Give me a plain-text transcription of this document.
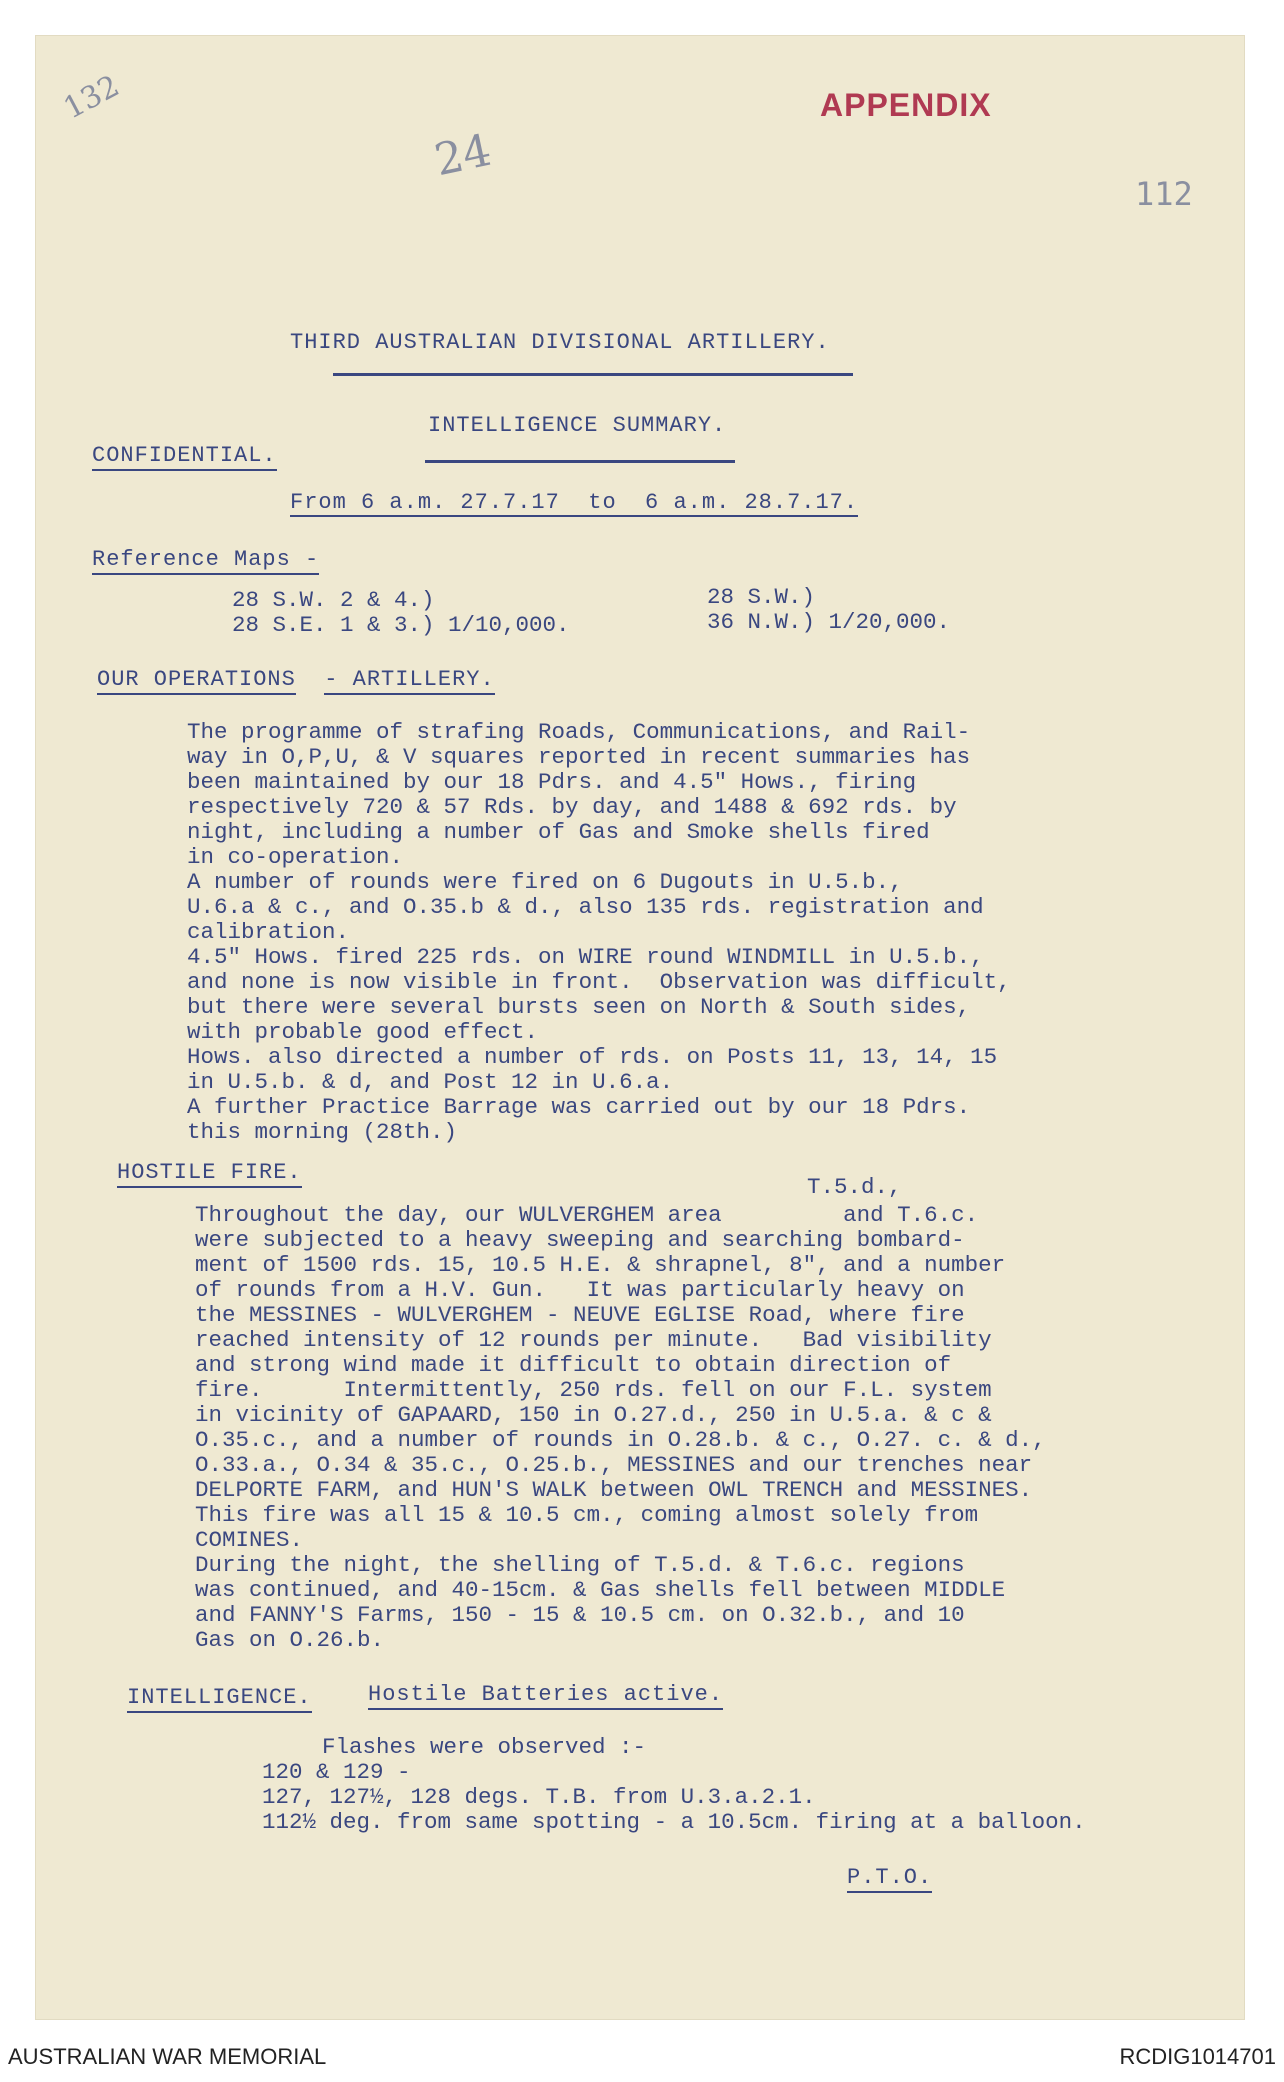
132
24
APPENDIX
112
THIRD AUSTRALIAN DIVISIONAL ARTILLERY.
INTELLIGENCE SUMMARY.
CONFIDENTIAL.
From 6 a.m. 27.7.17  to  6 a.m. 28.7.17.
Reference Maps -
28 S.W. 2 & 4.)
28 S.E. 1 & 3.) 1/10,000.
28 S.W.)
36 N.W.) 1/20,000.
OUR OPERATIONS - ARTILLERY.
The programme of strafing Roads, Communications, and Rail-
way in O,P,U, & V squares reported in recent summaries has
been maintained by our 18 Pdrs. and 4.5" Hows., firing
respectively 720 & 57 Rds. by day, and 1488 & 692 rds. by
night, including a number of Gas and Smoke shells fired
in co-operation.
A number of rounds were fired on 6 Dugouts in U.5.b.,
U.6.a & c., and O.35.b & d., also 135 rds. registration and
calibration.
4.5" Hows. fired 225 rds. on WIRE round WINDMILL in U.5.b.,
and none is now visible in front.  Observation was difficult,
but there were several bursts seen on North & South sides,
with probable good effect.
Hows. also directed a number of rds. on Posts 11, 13, 14, 15
in U.5.b. & d, and Post 12 in U.6.a.
A further Practice Barrage was carried out by our 18 Pdrs.
this morning (28th.)
HOSTILE FIRE.
T.5.d.,
Throughout the day, our WULVERGHEM area         and T.6.c.
were subjected to a heavy sweeping and searching bombard-
ment of 1500 rds. 15, 10.5 H.E. & shrapnel, 8", and a number
of rounds from a H.V. Gun.   It was particularly heavy on
the MESSINES - WULVERGHEM - NEUVE EGLISE Road, where fire
reached intensity of 12 rounds per minute.   Bad visibility
and strong wind made it difficult to obtain direction of
fire.      Intermittently, 250 rds. fell on our F.L. system
in vicinity of GAPAARD, 150 in O.27.d., 250 in U.5.a. & c &
O.35.c., and a number of rounds in O.28.b. & c., O.27. c. & d.,
O.33.a., O.34 & 35.c., O.25.b., MESSINES and our trenches near
DELPORTE FARM, and HUN'S WALK between OWL TRENCH and MESSINES.
This fire was all 15 & 10.5 cm., coming almost solely from
COMINES.
During the night, the shelling of T.5.d. & T.6.c. regions
was continued, and 40-15cm. & Gas shells fell between MIDDLE
and FANNY'S Farms, 150 - 15 & 10.5 cm. on O.32.b., and 10
Gas on O.26.b.
INTELLIGENCE.	Hostile Batteries active.
Flashes were observed :-
120 & 129 -
127, 127½, 128 degs. T.B. from U.3.a.2.1.
112½ deg. from same spotting - a 10.5cm. firing at a balloon.
P.T.O.
AUSTRALIAN WAR MEMORIAL	RCDIG1014701
